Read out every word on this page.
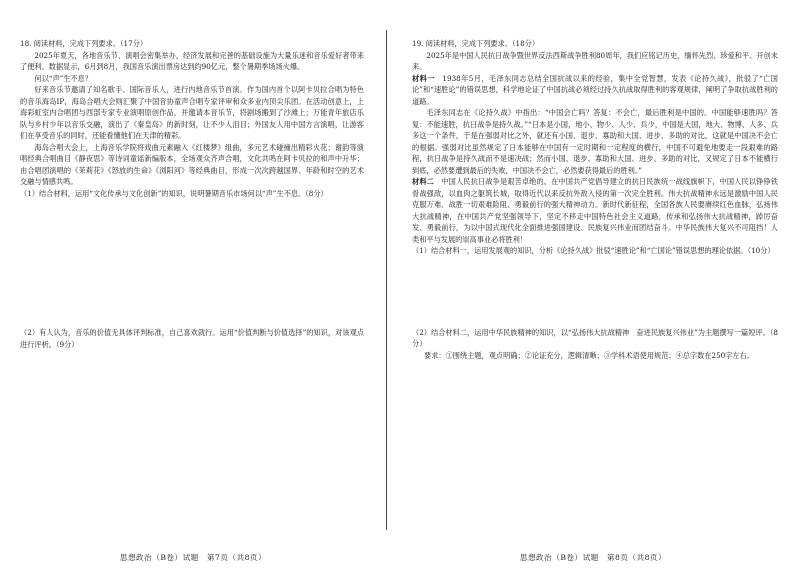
18. 阅读材料，完成下列要求。（17分）

2025年夏天，各地音乐节、演唱会密集举办，经济发展和完善的基础设施为大量乐迷和音乐爱好者带来了便利。数据显示，6月到8月，我国音乐演出票房达到约90亿元，整个暑期季场场火爆。

何以“声”生不息？

好来音乐节邀请了知名歌手、国际音乐人，进行内地音乐节首演。作为国内首个以阿卡贝拉合唱为特色的音乐海岛IP，海岛合唱大会则汇聚了中国音协童声合唱专家评审和众多业内顶尖乐团。在活动创意上，上海彩虹室内合唱团与西部专家专业演唱原创作品，并邀请本音乐节，将剧场搬到了沙滩上；万能青年旅店乐队与乡村少年以音乐交融，演出了《秦皇岛》的新时刻，让不少人泪目；外国友人用中国方言演唱，让游客们在享受音乐的同时，还能看懂他们在天津的精彩。

海岛合唱大会上，上海音乐学院将戏曲元素融入《红楼梦》组曲，多元艺术碰撞出精彩火花；谢韵等演唱经典合唱曲目《静夜思》等诗词童谣新编版本，全场观众齐声合唱，文化共鸣在阿卡贝拉的和声中升华；由合唱团演唱的《茉莉花》《怒放的生命》《浏阳河》等经典曲目，形成一次次跨越国界、年龄和时空的艺术交融与情感共鸣。

（1）结合材料，运用“文化传承与文化创新”的知识，说明暑期音乐市场何以“声”生不息。（8分）

（2）有人认为，音乐的价值无具体评判标准，自己喜欢就行。运用“价值判断与价值选择”的知识，对该观点进行评析。（9分）

思想政治（B卷）试题　第7页（共8页）

19. 阅读材料，完成下列要求。（18分）

2025年是中国人民抗日战争暨世界反法西斯战争胜利80周年，我们应铭记历史、缅怀先烈、珍爱和平、开创未来。

材料一　 1938年5月，毛泽东同志总结全国抗战以来的经验，集中全党智慧，发表《论持久战》，批驳了“亡国论”和“速胜论”的错误思想，科学地论证了中国抗战必须经过持久抗战取得胜利的客观规律，阐明了争取抗战胜利的道路。

毛泽东同志在《论持久战》中指出：“中国会亡吗？答复：不会亡，最后胜利是中国的。中国能够速胜吗？答复：不能速胜，抗日战争是持久战。”“日本是小国，地小、物少、人少、兵少，中国是大国，地大、物博、人多、兵多这一个条件，于是在强弱对比之外，就还有小国、退步、寡助和大国、进步、多助的对比，这就是中国决不会亡的根据。强弱对比虽然规定了日本能够在中国有一定时期和一定程度的横行，中国不可避免地要走一段艰难的路程，抗日战争是持久战而不是速决战；然而小国、退步、寡助和大国、进步、多助的对比，又规定了日本不能横行到底，必然要遭到最后的失败，中国决不会亡，必然要获得最后的胜利。”

材料二　 中国人民抗日战争是艰苦卓绝的。在中国共产党倡导建立的抗日民族统一战线旗帜下，中国人民以铮铮铁骨战强敌，以血肉之躯筑长城，取得近代以来反抗外敌入侵的第一次完全胜利。伟大抗战精神永远是激励中国人民克服万难、战胜一切艰难险阻、勇毅前行的强大精神动力。新时代新征程，全国各族人民要赓续红色血脉，弘扬伟大抗战精神，在中国共产党坚强领导下，坚定不移走中国特色社会主义道路，传承和弘扬伟大抗战精神，踔厉奋发、勇毅前行，为以中国式现代化全面推进强国建设、民族复兴伟业而团结奋斗。中华民族伟大复兴不可阻挡！人类和平与发展的崇高事业必将胜利！

（1）结合材料一，运用发展观的知识，分析《论持久战》批驳“速胜论”和“亡国论”错误思想的理论依据。（10分）

（2）结合材料二，运用中华民族精神的知识，以“弘扬伟大抗战精神　奋进民族复兴伟业”为主题撰写一篇短评。（8分）

要求：①围绕主题，观点明确；②论证充分，逻辑清晰；③学科术语使用规范；④总字数在250字左右。

思想政治（B卷）试题　第8页（共8页）
